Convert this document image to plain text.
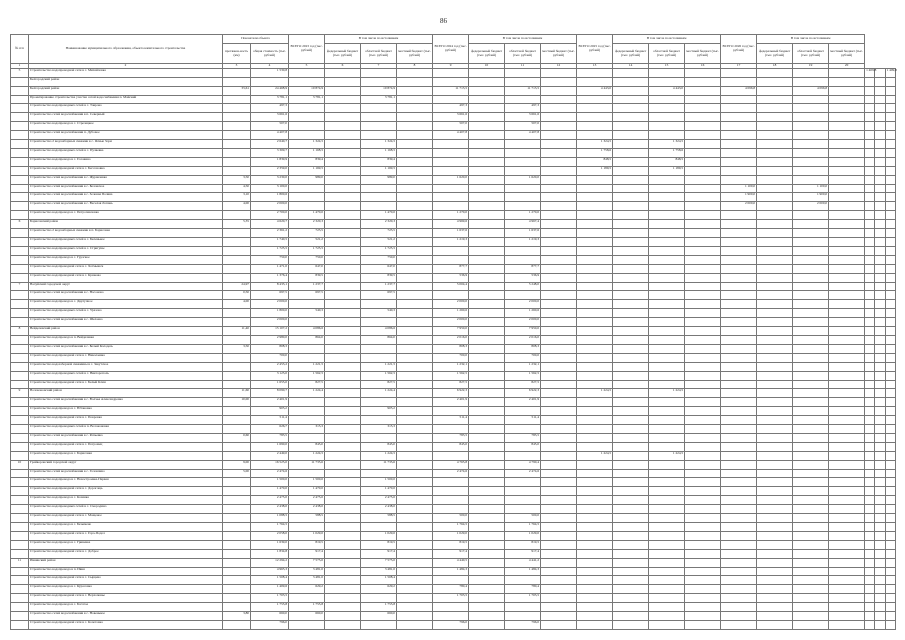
86
№ п/п	Наименование муниципального образования, объекта капитального строительства	Показатели объекта		ВСЕГО 2023 год (тыс. рублей)	В том числе по источникам			ВСЕГО 2024 год (тыс. рублей)	В том числе по источникам			ВСЕГО 2025 год (тыс. рублей)	В том числе по источникам			ВСЕГО 2026 год (тыс. рублей)	В том числе по источникам					
		протяжен-ность (км)	общая стоимость (тыс. рублей)		федеральный бюджет (тыс. рублей)	областной бюджет (тыс. рублей)	местный бюджет (тыс. рублей)		федеральный бюджет (тыс. рублей)	областной бюджет (тыс. рублей)	местный бюджет (тыс. рублей)		федеральный бюджет (тыс. рублей)	областной бюджет (тыс. рублей)	местный бюджет (тыс. рублей)		федеральный бюджет (тыс. рублей)	областной бюджет (тыс. рублей)	местный бюджет (тыс. рублей)			
1	2	3	4	5	6	7	8	9	10	11	12	13	14	15	16	17	18	19	20			
5	Строительство водопроводной сети в с. Михайловка		1 530,8																	1 409,8		1 409,8
	Белгородский район																					
	Белгородский район	33,61	24 468,9	10 874,9		10 874,9		11 713,5		11 713,5		4 443,0		4 443,0		4 096,8		4 096,8				
	Проектирование строительства участка сетей водоснабжения п. Майский		3 781,1	3 781,1		3 781,1																
	Строительство водопроводных сетей в с. Таврово		497,3					497,3		497,3												
	Строительство сетей водоснабжения в п. Северный		3 661,6					3 661,6		3 661,6												
	Строительство водопровода в с. Стрелецкое		507,0					507,0		507,0												
	Строительство сетей водоснабжения п. Дубовое		4 407,8					4 407,8		4 407,8												
	Строительство 2 водозаборных скважин в с. Ясные Зори		2 640,7	1 324,5		1 324,5						1 324,5		1 324,5								
	Строительство водопроводных сетей в с. Пуляевка		3 309,7	1 168,5		1 168,5						1 758,6		1 758,6								
	Строительство водопровода в с. Головино		1 839,9	839,4		839,4						848,5		848,5								
	Строительство водопроводной сети в с. Бессоновка		2 359,0	1 169,5		1 169,5						1 189,5		1 189,5								
	Строительство сетей водоснабжения в с. Журавлевка	3,50	3 230,0	989,0		989,0		1 620,0		1 620,0												
	Строительство сетей водоснабжения в с. Беловское	4,50	3 100,0													1 100,0		1 100,0				
	Строительство сетей водоснабжения в с. Зеленая Поляна	3,10	1 800,6													1 900,0		1 900,0				
	Строительство сетей водоснабжения в с. Веселая Лопань	4,00	2 000,0													2 000,0		2 000,0				
	Строительство водопровода в с. Петропавловка		2 700,0	1 470,0		1 470,0		1 270,0		1 270,0												
6	Борисовский район	5,35	4 620,7	2 320,3		2 320,3		4 969,6		4 967,4												
	Строительство 2 водозаборных скважин в п. Борисовка		2 361,2	723,5		723,5		1 637,6		1 637,6												
	Строительство водопроводных сетей в с. Беленькое		1 740,5	521,2		521,2		1 219,3		1 219,3												
	Строительство водопроводных сетей в с. Стригуны		1 725,5	1 725,5		1 725,5																
	Строительство водопровода в с. Грузское		750,0	750,0		750,0																
	Строительство водопроводной сети в с. Хотмыжск		1 471,0	647,0		647,0		877,7		877,7												
	Строительство водопроводной сети в с. Крюково		1 376,4	839,5		839,5		536,9		536,9												
7	Валуйский городской округ	24,97	8 433,1	1 237,7		1 237,7		5 004,4		5 248,0												
	Строительство сетей водоснабжения в с. Насоново	0,50	697,5	697,5		697,5																
	Строительство водопровода в с. Двулучное	4,00	2 000,0					2 000,0		2 000,0												
	Строительство водопроводных сетей в с. Уразово		1 800,0	540,3		540,3		1 260,6		1 260,6												
	Строительство сетей водоснабжения в с. Шелаево		2 000,0					2 000,0		2 000,0												
8	Вейделевский район	11,40	15 107,2	4 086,6		4 086,6		7 950,0		7 950,0												
	Строительство водопровода в п. Вейделевка		2 980,0	864,0		864,0		2 016,0		2 016,0												
	Строительство сетей водоснабжения в с. Белый Колодезь	3,50	808,3					808,3		808,3												
	Строительство водопроводной сети в с. Николаевка		700,0					700,0		700,0												
	Строительство водозаборной скважины в с. Закутское		2 453,2	1 221,5		1 221,5		1 232,1		1 232,1												
	Строительство водопроводных сетей в с. Викторополь		3 125,0	1 562,5		1 562,5		1 562,5		1 562,5												
	Строительство водопроводной сети в с. Белый Клин		1 655,0	827,5		827,5		827,5		827,5												
9	Волоконовский район	11,60	8 090,7	1 224,4		1 224,4		6 922,3		6 922,3		1 224,5		1 224,5								
	Строительство сетей водоснабжения в с. Волчья Александровка	10,00	2 401,9					2 401,9		2 401,9												
	Строительство водопровода в с. Ютановка		905,2			905,2																
	Строительство водопроводной сети в с. Покровка		511,4					511,4		511,4												
	Строительство водопроводных сетей в п. Волоконовка		626,7	315,3		315,3																
	Строительство сетей водоснабжения в с. Репьевка	0,60	783,5					783,5		783,5												
	Строительство водопроводной сети в с. Погромец		1 690,0	845,0		845,0		845,0		845,0												
	Строительство водопровода в с. Борисовка		2 449,0	1 224,5		1 224,5						1 224,5		1 224,5								
10	Грайворонский городской округ	9,00	16 525,0	11 735,6		11 735,6		4 765,8		4 790,4												
	Строительство сетей водоснабжения в с. Головчино	5,00	2 474,6					2 474,6		2 474,6												
	Строительство водопровода в с. Новостроевка-Первая		1 500,0	1 500,0		1 500,0																
	Строительство водопроводной сети в с. Дорогощь		1 470,0	1 470,0		1 470,0																
	Строительство водопровода в с. Козинка		2 475,0	2 475,0		2 475,0																
	Строительство водопроводных сетей в с. Смородино		2 438,0	2 438,0		2 438,0																
	Строительство водопроводной сети в с. Мощеное		1 088,5	588,5		588,5		500,0		500,0												
	Строительство водопровода в с. Безымено		1 764,5					1 764,5		1 764,5												
	Строительство водопроводной сети в с. Гора-Подол		2 058,0	1 029,0		1 029,0		1 029,0		1 029,0												
	Строительство водопровода в с. Гриневка		1 639,0	819,5		819,5		819,5		819,5												
	Строительство водопроводной сети в с. Доброе		1 834,8	917,4		917,4		917,4		917,4												
11	Ивнянский район		12 294,2	7 575,0		7 575,0		4 440,5		4 441,2												
	Строительство водопровода в п. Ивня		4 965,3	3 481,0		3 481,0		1 484,3		1 484,3												
	Строительство водопроводной сети в с. Сырцево		1 508,4	3 481,0		1 508,4																
	Строительство водопровода в с. Курасовка		1 409,6	629,2		629,2		780,4		780,4												
	Строительство водопроводной сети в с. Верхопенье		1 703,5					1 703,5		1 703,5												
	Строительство водопровода в с. Богатое		1 755,8	1 755,8		1 755,8																
	Строительство сетей водоснабжения в с. Новенькое	3,80	660,0	660,0		660,0																
	Строительство водопроводной сети в с. Кочетовка		796,0					796,0		796,0												
